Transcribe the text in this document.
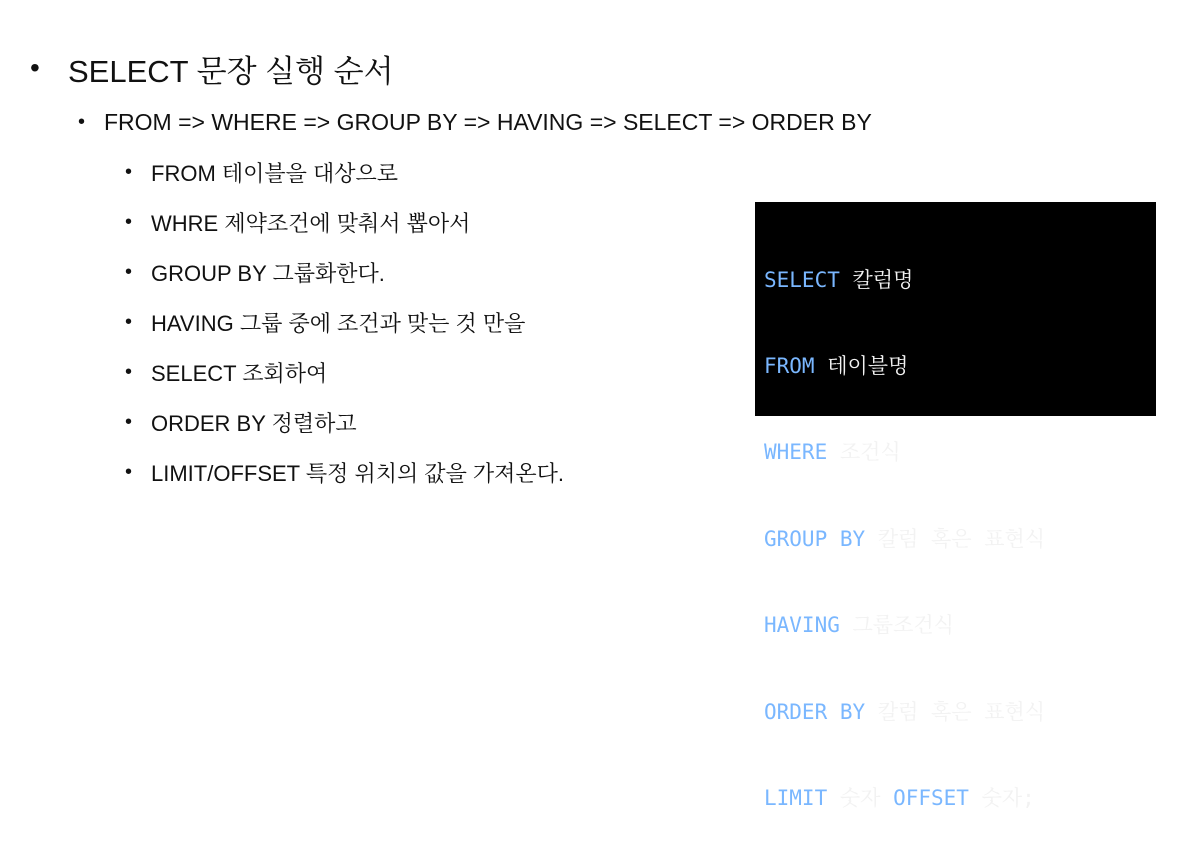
• SELECT 문장 실행 순서
• FROM => WHERE => GROUP BY => HAVING => SELECT => ORDER BY
• FROM 테이블을 대상으로
• WHRE 제약조건에 맞춰서 뽑아서
• GROUP BY 그룹화한다.
• HAVING 그룹 중에 조건과 맞는 것 만을
• SELECT 조회하여
• ORDER BY 정렬하고
• LIMIT/OFFSET 특정 위치의 값을 가져온다.

SELECT 칼럼명

FROM 테이블명

WHERE 조건식

GROUP BY 칼럼 혹은 표현식

HAVING 그룹조건식

ORDER BY 칼럼 혹은 표현식

LIMIT 숫자 OFFSET 숫자;
